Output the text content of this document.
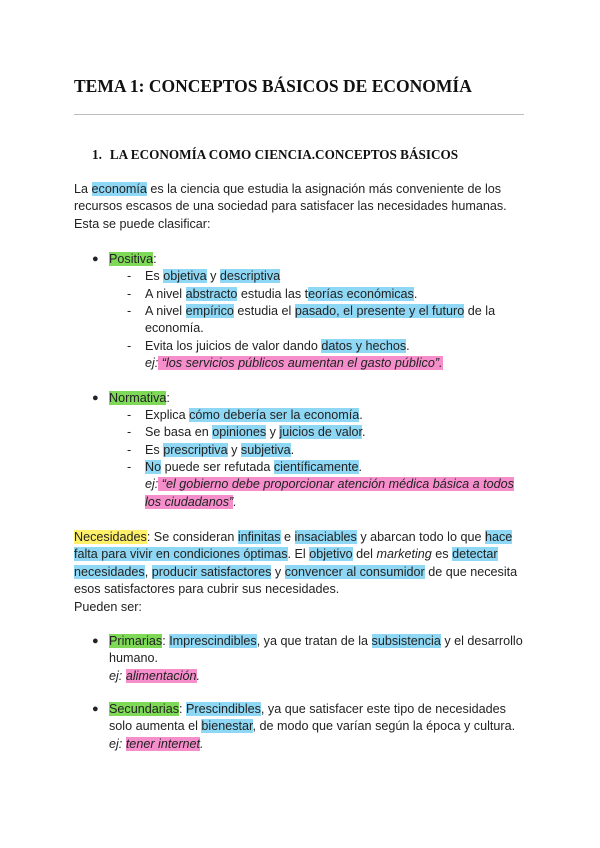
TEMA 1: CONCEPTOS BÁSICOS DE ECONOMÍA
1. LA ECONOMÍA COMO CIENCIA.CONCEPTOS BÁSICOS
La economía es la ciencia que estudia la asignación más conveniente de los recursos escasos de una sociedad para satisfacer las necesidades humanas. Esta se puede clasificar:
● Positiva:
- Es objetiva y descriptiva
- A nivel abstracto estudia las teorías económicas.
- A nivel empírico estudia el pasado, el presente y el futuro de la economía.
- Evita los juicios de valor dando datos y hechos.
ej: “los servicios públicos aumentan el gasto público”.
● Normativa:
- Explica cómo debería ser la economía.
- Se basa en opiniones y juicios de valor.
- Es prescriptiva y subjetiva.
- No puede ser refutada científicamente.
ej: “el gobierno debe proporcionar atención médica básica a todos los ciudadanos”.
Necesidades: Se consideran infinitas e insaciables y abarcan todo lo que hace falta para vivir en condiciones óptimas. El objetivo del marketing es detectar necesidades, producir satisfactores y convencer al consumidor de que necesita esos satisfactores para cubrir sus necesidades.
Pueden ser:
● Primarias: Imprescindibles, ya que tratan de la subsistencia y el desarrollo humano.
ej: alimentación.
● Secundarias: Prescindibles, ya que satisfacer este tipo de necesidades solo aumenta el bienestar, de modo que varían según la época y cultura.
ej: tener internet.
